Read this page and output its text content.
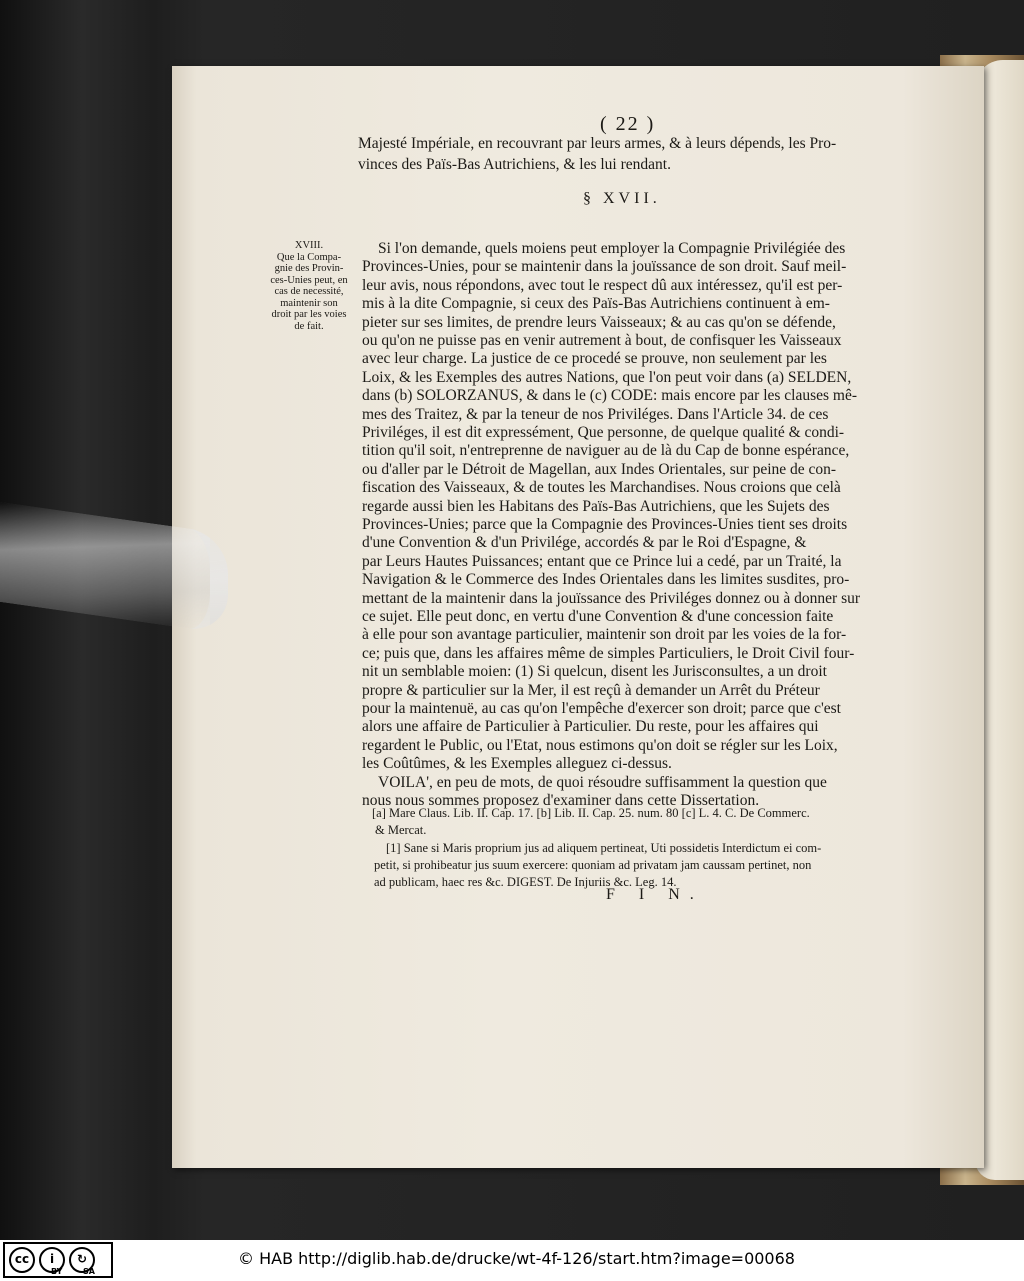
( 22 )
Majesté Impériale, en recouvrant par leurs armes, & à leurs dépends, les Pro-
vinces des Païs-Bas Autrichiens, & les lui rendant.
§ XVII.
XVIII.
Que la Compa-
gnie des Provin-
ces-Unies peut, en
cas de necessité,
maintenir son
droit par les voies
de fait.
Si l'on demande, quels moiens peut employer la Compagnie Privilégiée des
Provinces-Unies, pour se maintenir dans la jouïssance de son droit. Sauf meil-
leur avis, nous répondons, avec tout le respect dû aux intéressez, qu'il est per-
mis à la dite Compagnie, si ceux des Païs-Bas Autrichiens continuent à em-
pieter sur ses limites, de prendre leurs Vaisseaux; & au cas qu'on se défende,
ou qu'on ne puisse pas en venir autrement à bout, de confisquer les Vaisseaux
avec leur charge. La justice de ce procedé se prouve, non seulement par les
Loix, & les Exemples des autres Nations, que l'on peut voir dans (a) SELDEN,
dans (b) SOLORZANUS, & dans le (c) CODE: mais encore par les clauses mê-
mes des Traitez, & par la teneur de nos Priviléges. Dans l'Article 34. de ces
Priviléges, il est dit expressément, Que personne, de quelque qualité & condi-
tition qu'il soit, n'entreprenne de naviguer au de là du Cap de bonne espérance,
ou d'aller par le Détroit de Magellan, aux Indes Orientales, sur peine de con-
fiscation des Vaisseaux, & de toutes les Marchandises. Nous croions que celà
regarde aussi bien les Habitans des Païs-Bas Autrichiens, que les Sujets des
Provinces-Unies; parce que la Compagnie des Provinces-Unies tient ses droits
d'une Convention & d'un Privilége, accordés & par le Roi d'Espagne, &
par Leurs Hautes Puissances; entant que ce Prince lui a cedé, par un Traité, la
Navigation & le Commerce des Indes Orientales dans les limites susdites, pro-
mettant de la maintenir dans la jouïssance des Priviléges donnez ou à donner sur
ce sujet. Elle peut donc, en vertu d'une Convention & d'une concession faite
à elle pour son avantage particulier, maintenir son droit par les voies de la for-
ce; puis que, dans les affaires même de simples Particuliers, le Droit Civil four-
nit un semblable moien: (1) Si quelcun, disent les Jurisconsultes, a un droit
propre & particulier sur la Mer, il est reçû à demander un Arrêt du Préteur
pour la maintenuë, au cas qu'on l'empêche d'exercer son droit; parce que c'est
alors une affaire de Particulier à Particulier. Du reste, pour les affaires qui
regardent le Public, ou l'Etat, nous estimons qu'on doit se régler sur les Loix,
les Coûtûmes, & les Exemples alleguez ci-dessus.
VOILA', en peu de mots, de quoi résoudre suffisamment la question que
nous nous sommes proposez d'examiner dans cette Dissertation.
[a] Mare Claus. Lib. II. Cap. 17. [b] Lib. II. Cap. 25. num. 80 [c] L. 4. C. De Commerc.
& Mercat.
[1] Sane si Maris proprium jus ad aliquem pertineat, Uti possidetis Interdictum ei com-
petit, si prohibeatur jus suum exercere: quoniam ad privatam jam caussam pertinet, non
ad publicam, haec res &c. DIGEST. De Injuriis &c. Leg. 14.
F I N.
cc	i	↻
BY	SA
© HAB http://diglib.hab.de/drucke/wt-4f-126/start.htm?image=00068
